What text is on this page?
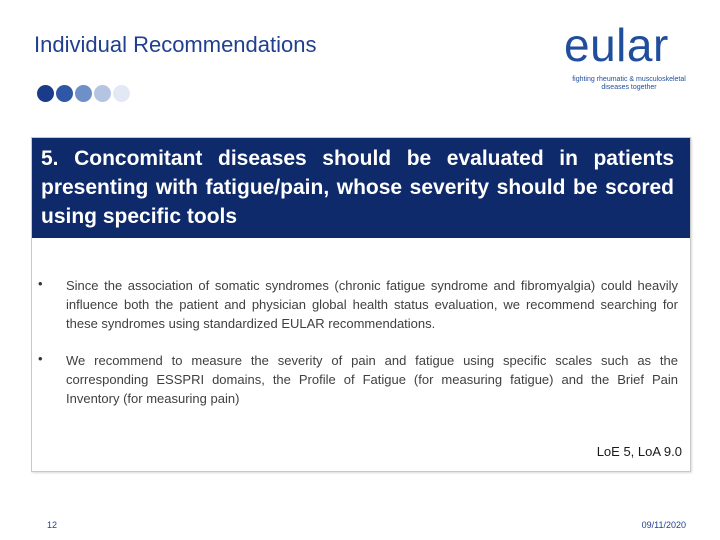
Individual Recommendations	eular
fighting rheumatic & musculoskeletal
diseases together

5. Concomitant diseases should be evaluated in patients presenting with fatigue/pain, whose severity should be scored using specific tools

• Since the association of somatic syndromes (chronic fatigue syndrome and fibromyalgia) could heavily influence both the patient and physician global health status evaluation, we recommend searching for these syndromes using standardized EULAR recommendations.
• We recommend to measure the severity of pain and fatigue using specific scales such as the corresponding ESSPRI domains, the Profile of Fatigue (for measuring fatigue) and the Brief Pain Inventory (for measuring pain)
LoE 5, LoA 9.0
12	09/11/2020
